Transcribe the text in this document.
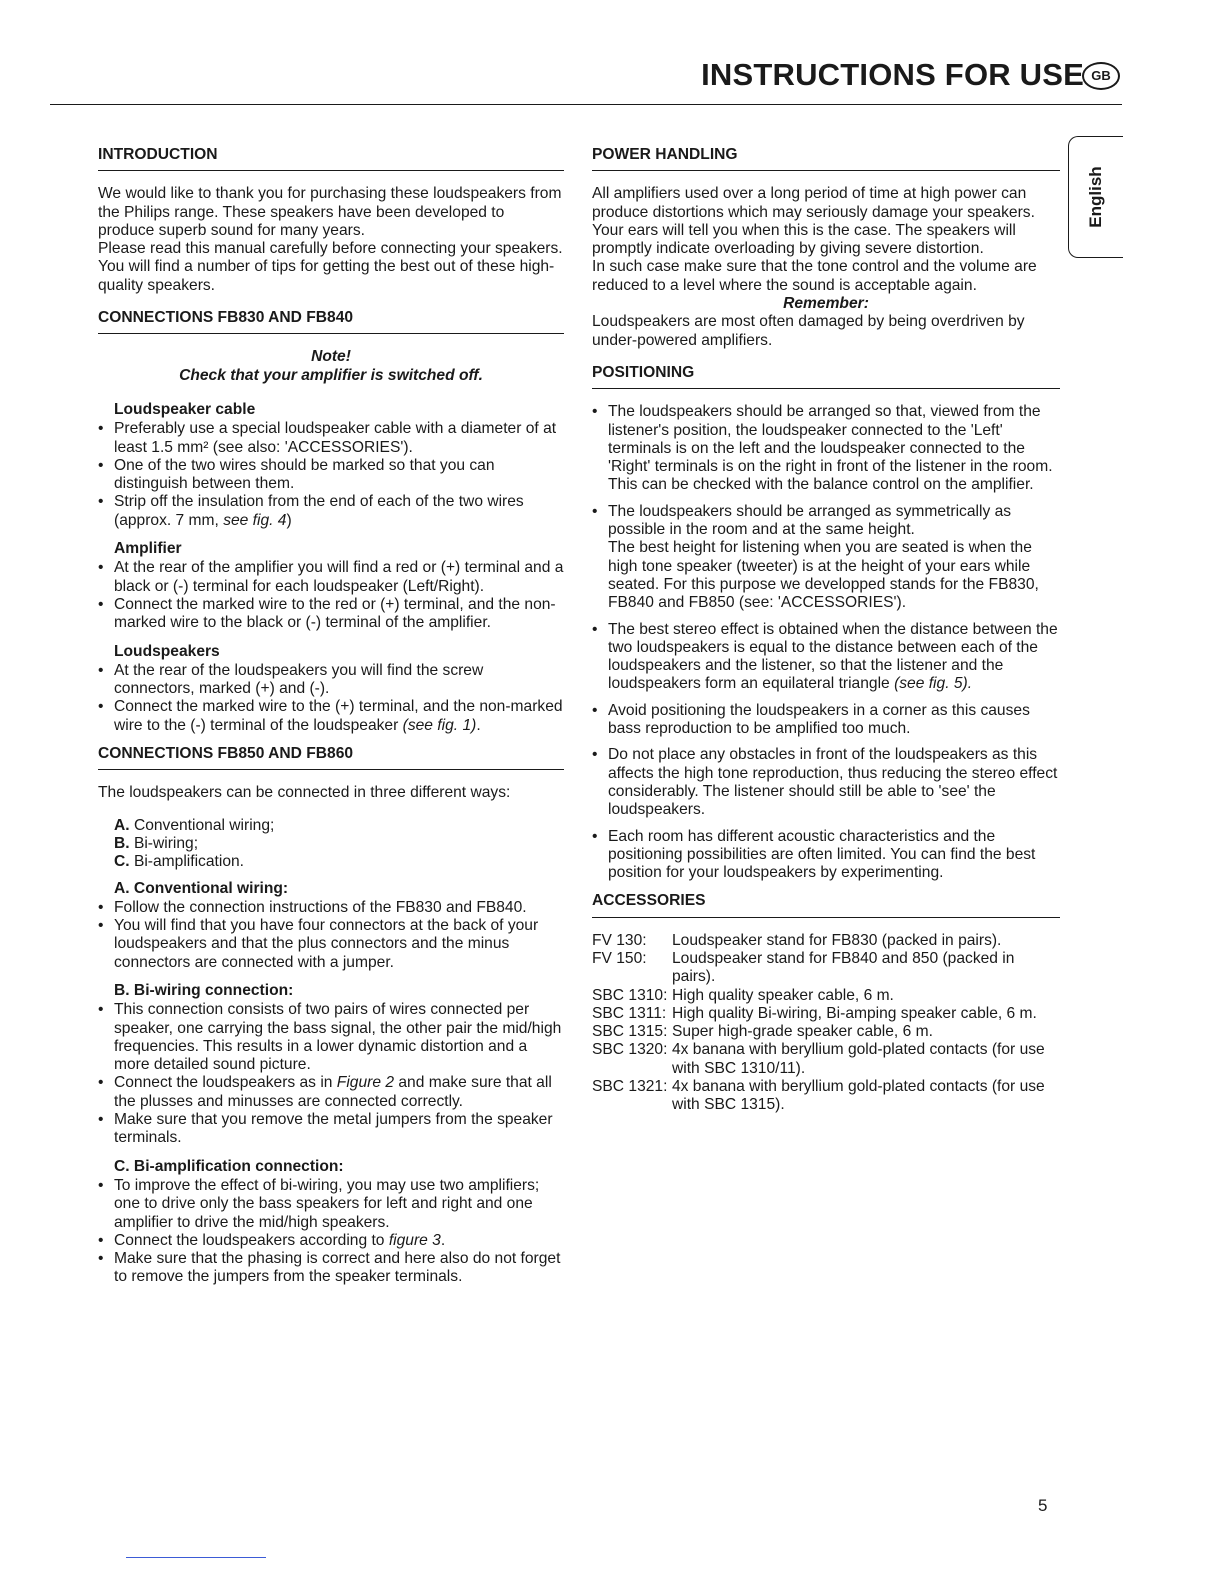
INSTRUCTIONS FOR USE GB
English
INTRODUCTION
We would like to thank you for purchasing these loudspeakers from the Philips range. These speakers have been developed to produce superb sound for many years.

Please read this manual carefully before connecting your speakers. You will find a number of tips for getting the best out of these high-quality speakers.

CONNECTIONS FB830 AND FB840
Note!
Check that your amplifier is switched off.
Loudspeaker cable
• Preferably use a special loudspeaker cable with a diameter of at least 1.5 mm² (see also: 'ACCESSORIES').
• One of the two wires should be marked so that you can distinguish between them.
• Strip off the insulation from the end of each of the two wires (approx. 7 mm, see fig. 4)
Amplifier
• At the rear of the amplifier you will find a red or (+) terminal and a black or (-) terminal for each loudspeaker (Left/Right).
• Connect the marked wire to the red or (+) terminal, and the non-marked wire to the black or (-) terminal of the amplifier.
Loudspeakers
• At the rear of the loudspeakers you will find the screw connectors, marked (+) and (-).
• Connect the marked wire to the (+) terminal, and the non-marked wire to the (-) terminal of the loudspeaker (see fig. 1).
CONNECTIONS FB850 AND FB860

The loudspeakers can be connected in three different ways:

A. Conventional wiring;
B. Bi-wiring;
C. Bi-amplification.
A. Conventional wiring:
• Follow the connection instructions of the FB830 and FB840.
• You will find that you have four connectors at the back of your loudspeakers and that the plus connectors and the minus connectors are connected with a jumper.
B. Bi-wiring connection:
• This connection consists of two pairs of wires connected per speaker, one carrying the bass signal, the other pair the mid/high frequencies. This results in a lower dynamic distortion and a more detailed sound picture.
• Connect the loudspeakers as in Figure 2 and make sure that all the plusses and minusses are connected correctly.
• Make sure that you remove the metal jumpers from the speaker terminals.
C. Bi-amplification connection:
• To improve the effect of bi-wiring, you may use two amplifiers; one to drive only the bass speakers for left and right and one amplifier to drive the mid/high speakers.
• Connect the loudspeakers according to figure 3.
• Make sure that the phasing is correct and here also do not forget to remove the jumpers from the speaker terminals.
POWER HANDLING
All amplifiers used over a long period of time at high power can produce distortions which may seriously damage your speakers.
Your ears will tell you when this is the case. The speakers will promptly indicate overloading by giving severe distortion.
In such case make sure that the tone control and the volume are reduced to a level where the sound is acceptable again.
Remember:

Loudspeakers are most often damaged by being overdriven by under-powered amplifiers.

POSITIONING
• The loudspeakers should be arranged so that, viewed from the listener's position, the loudspeaker connected to the 'Left' terminals is on the left and the loudspeaker connected to the 'Right' terminals is on the right in front of the listener in the room. This can be checked with the balance control on the amplifier.
• The loudspeakers should be arranged as symmetrically as possible in the room and at the same height.
The best height for listening when you are seated is when the high tone speaker (tweeter) is at the height of your ears while seated. For this purpose we developped stands for the FB830, FB840 and FB850 (see: 'ACCESSORIES').
• The best stereo effect is obtained when the distance between the two loudspeakers is equal to the distance between each of the loudspeakers and the listener, so that the listener and the loudspeakers form an equilateral triangle (see fig. 5).
• Avoid positioning the loudspeakers in a corner as this causes bass reproduction to be amplified too much.
• Do not place any obstacles in front of the loudspeakers as this affects the high tone reproduction, thus reducing the stereo effect considerably. The listener should still be able to 'see' the loudspeakers.
• Each room has different acoustic characteristics and the positioning possibilities are often limited. You can find the best position for your loudspeakers by experimenting.
ACCESSORIES
FV 130:	Loudspeaker stand for FB830 (packed in pairs).
FV 150:	Loudspeaker stand for FB840 and 850 (packed in pairs).
SBC 1310:	High quality speaker cable, 6 m.
SBC 1311:	High quality Bi-wiring, Bi-amping speaker cable, 6 m.
SBC 1315:	Super high-grade speaker cable, 6 m.
SBC 1320:	4x banana with beryllium gold-plated contacts (for use with SBC 1310/11).
SBC 1321:	4x banana with beryllium gold-plated contacts (for use with SBC 1315).
5
